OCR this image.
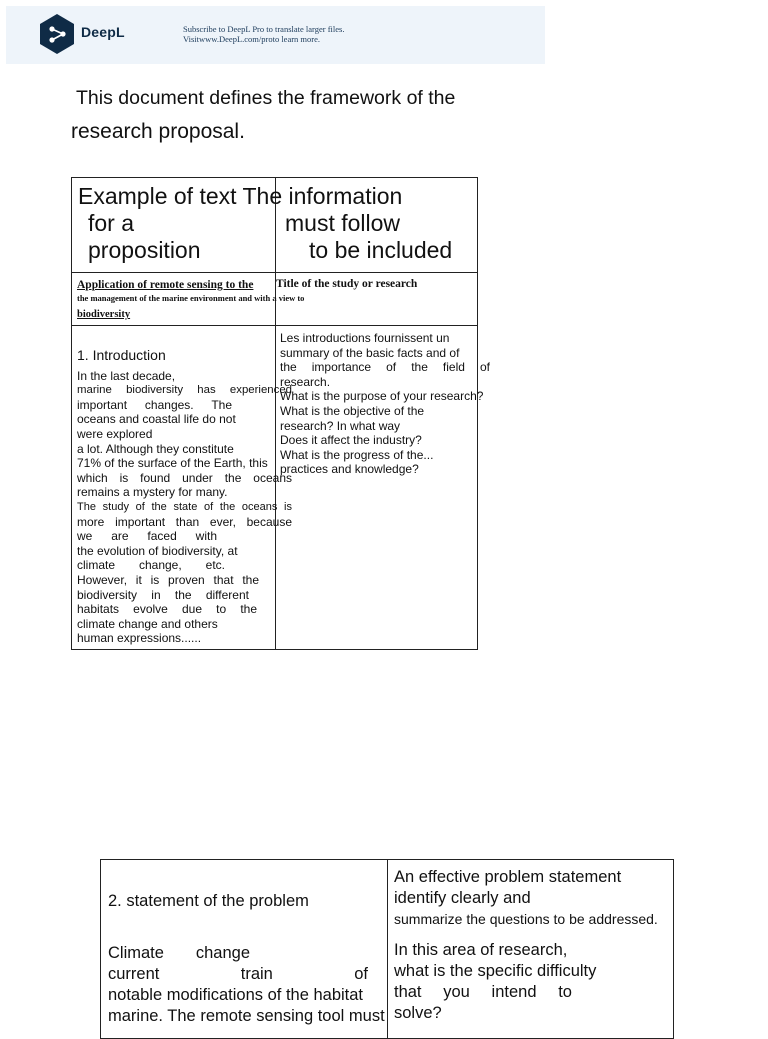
DeepL	Subscribe to DeepL Pro to translate larger files.
Visitwww.DeepL.com/proto learn more.
This document defines the framework of the
research proposal.
Example of text The information
for a
proposition

must follow
to be included
Application of remote sensing to the
the management of the marine environment and with a view to
biodiversity
Title of the study or research
1. Introduction
In the last decade,
marine biodiversity has experienced
important changes. The
oceans and coastal life do not
were explored
a lot. Although they constitute
71% of the surface of the Earth, this
which is found under the oceans
remains a mystery for many.
The study of the state of the oceans is
more important than ever, because
we are faced with
the evolution of biodiversity, at
climate change, etc.
However, it is proven that the
biodiversity in the different
habitats evolve due to the
climate change and others
human expressions......
Les introductions fournissent un
summary of the basic facts and of
the importance of the field of
research.
What is the purpose of your research?
What is the objective of the
research? In what way
Does it affect the industry?
What is the progress of the...
practices and knowledge?
2. statement of the problem
Climate change
current train of
notable modifications of the habitat
marine. The remote sensing tool must
An effective problem statement
identify clearly and
summarize the questions to be addressed.
In this area of research,
what is the specific difficulty
that you intend to
solve?
